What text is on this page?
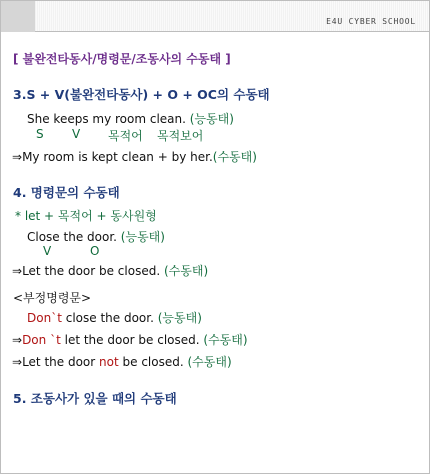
E4U CYBER SCHOOL
[ 불완전타동사/명령문/조동사의 수동태 ]
3.S + V(불완전타동사) + O + OC의 수동태
She keeps my room clean. (능동태)
S V 목적어 목적보어
⇒My room is kept clean + by her.(수동태)
4. 명령문의 수동태
* let + 목적어 + 동사원형
Close the door. (능동태)
V	O
⇒Let the door be closed. (수동태)
<부정명령문>
Don`t close the door. (능동태)
⇒Don `t let the door be closed. (수동태)
⇒Let the door not be closed. (수동태)
5. 조동사가 있을 때의 수동태
